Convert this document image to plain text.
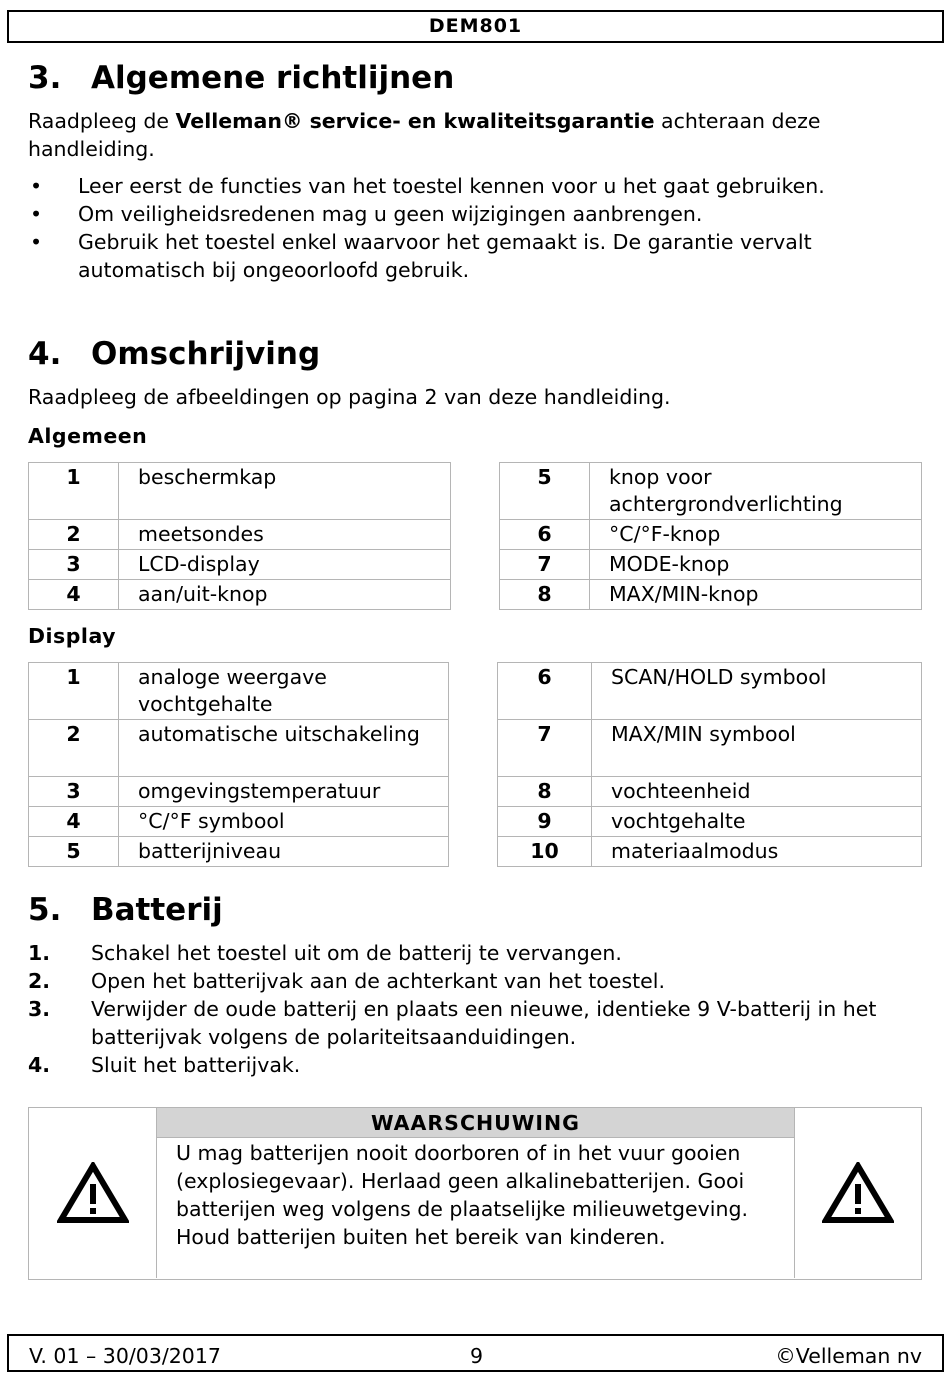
DEM801
3. Algemene richtlijnen
Raadpleeg de Velleman® service- en kwaliteitsgarantie achteraan deze handleiding.
• Leer eerst de functies van het toestel kennen voor u het gaat gebruiken.
• Om veiligheidsredenen mag u geen wijzigingen aanbrengen.
• Gebruik het toestel enkel waarvoor het gemaakt is. De garantie vervalt automatisch bij ongeoorloofd gebruik.
4. Omschrijving
Raadpleeg de afbeeldingen op pagina 2 van deze handleiding.
Algemeen
1	beschermkap
2	meetsondes
3	LCD-display
4	aan/uit-knop
5	knop voor achtergrondverlichting
6	°C/°F-knop
7	MODE-knop
8	MAX/MIN-knop
Display
1	analoge weergave vochtgehalte
2	automatische uitschakeling
3	omgevingstemperatuur
4	°C/°F symbool
5	batterijniveau
6	SCAN/HOLD symbool
7	MAX/MIN symbool
8	vochteenheid
9	vochtgehalte
10	materiaalmodus
5. Batterij
1. Schakel het toestel uit om de batterij te vervangen.
2. Open het batterijvak aan de achterkant van het toestel.
3. Verwijder de oude batterij en plaats een nieuwe, identieke 9 V-batterij in het batterijvak volgens de polariteitsaanduidingen.
4. Sluit het batterijvak.
WAARSCHUWING
U mag batterijen nooit doorboren of in het vuur gooien (explosiegevaar). Herlaad geen alkalinebatterijen. Gooi batterijen weg volgens de plaatselijke milieuwetgeving. Houd batterijen buiten het bereik van kinderen.
V. 01 – 30/03/2017	9	©Velleman nv
